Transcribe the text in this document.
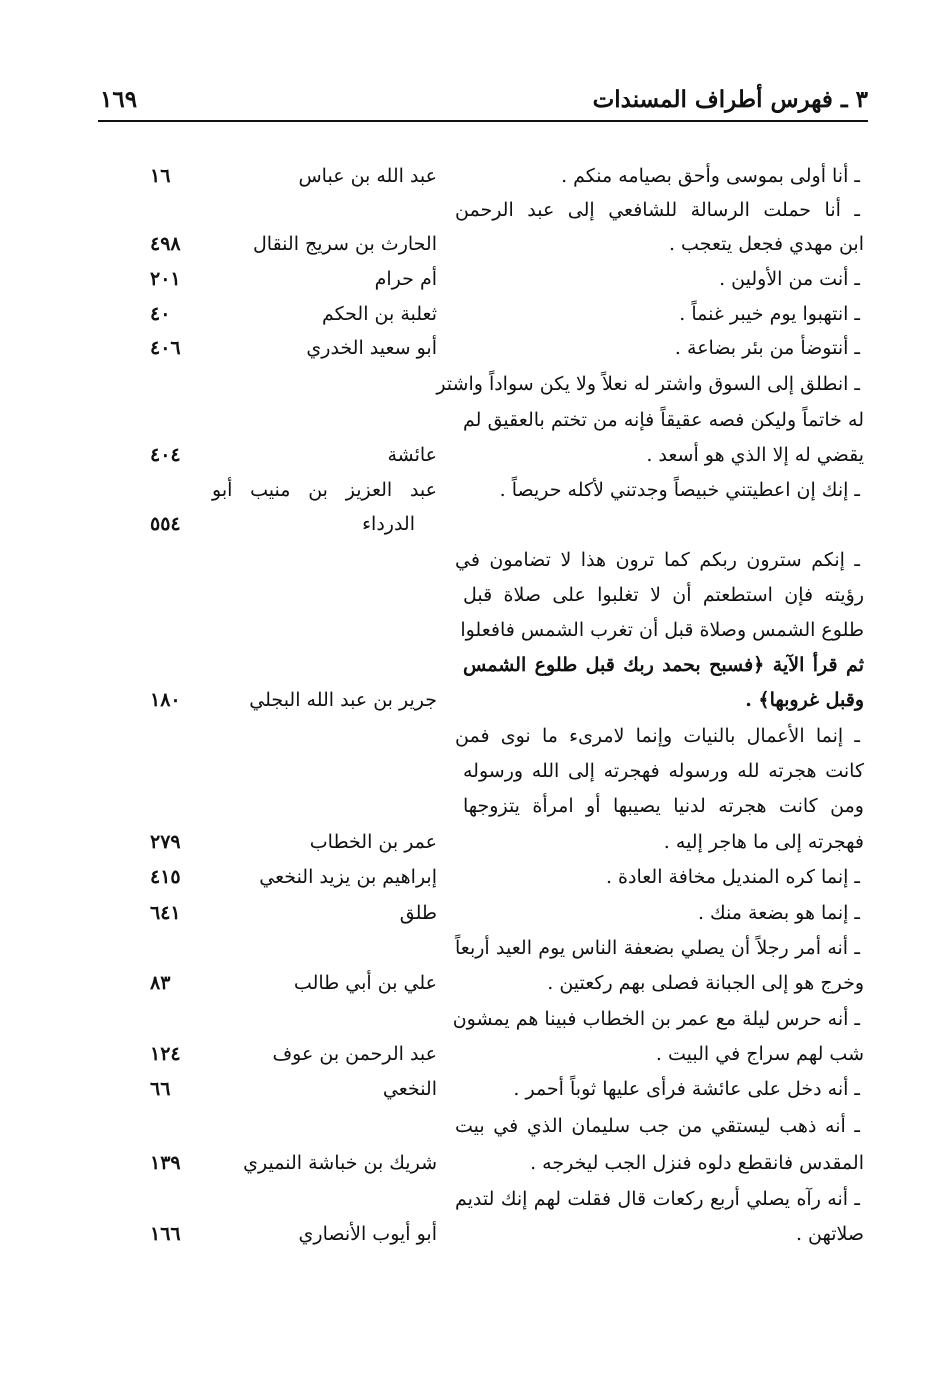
٣ ـ فهرس أطراف المسندات
١٦٩
ـ أنا أولى بموسى وأحق بصيامه منكم .
عبد الله بن عباس
١٦
ـ أنا حملت الرسالة للشافعي إلى عبد الرحمن
ابن مهدي فجعل يتعجب .
الحارث بن سريج النقال
٤٩٨
ـ أنت من الأولين .
أم حرام
٢٠١
ـ انتهبوا يوم خيبر غنماً .
ثعلبة بن الحكم
٤٠
ـ أنتوضأ من بئر بضاعة .
أبو سعيد الخدري
٤٠٦
ـ انطلق إلى السوق واشتر له نعلاً ولا يكن سواداً واشتر
له خاتماً وليكن فصه عقيقاً فإنه من تختم بالعقيق لم
يقضي له إلا الذي هو أسعد .
عائشة
٤٠٤
ـ إنك إن اعطيتني خبيصاً وجدتني لأكله حريصاً .
عبد العزيز بن منيب أبو
الدرداء
٥٥٤
ـ إنكم سترون ربكم كما ترون هذا لا تضامون في
رؤيته فإن استطعتم أن لا تغلبوا على صلاة قبل
طلوع الشمس وصلاة قبل أن تغرب الشمس فافعلوا
ثم قرأ الآية ﴿فسبح بحمد ربك قبل طلوع الشمس
وقبل غروبها﴾ .
جرير بن عبد الله البجلي
١٨٠
ـ إنما الأعمال بالنيات وإنما لامرىء ما نوى فمن
كانت هجرته لله ورسوله فهجرته إلى الله ورسوله
ومن كانت هجرته لدنيا يصيبها أو امرأة يتزوجها
فهجرته إلى ما هاجر إليه .
عمر بن الخطاب
٢٧٩
ـ إنما كره المنديل مخافة العادة .
إبراهيم بن يزيد النخعي
٤١٥
ـ إنما هو بضعة منك .
طلق
٦٤١
ـ أنه أمر رجلاً أن يصلي بضعفة الناس يوم العيد أربعاً
وخرج هو إلى الجبانة فصلى بهم ركعتين .
علي بن أبي طالب
٨٣
ـ أنه حرس ليلة مع عمر بن الخطاب فبينا هم يمشون
شب لهم سراج في البيت .
عبد الرحمن بن عوف
١٢٤
ـ أنه دخل على عائشة فرأى عليها ثوباً أحمر .
النخعي
٦٦
ـ أنه ذهب ليستقي من جب سليمان الذي في بيت
المقدس فانقطع دلوه فنزل الجب ليخرجه .
شريك بن خباشة النميري
١٣٩
ـ أنه رآه يصلي أربع ركعات قال فقلت لهم إنك لتديم
صلاتهن .
أبو أيوب الأنصاري
١٦٦
